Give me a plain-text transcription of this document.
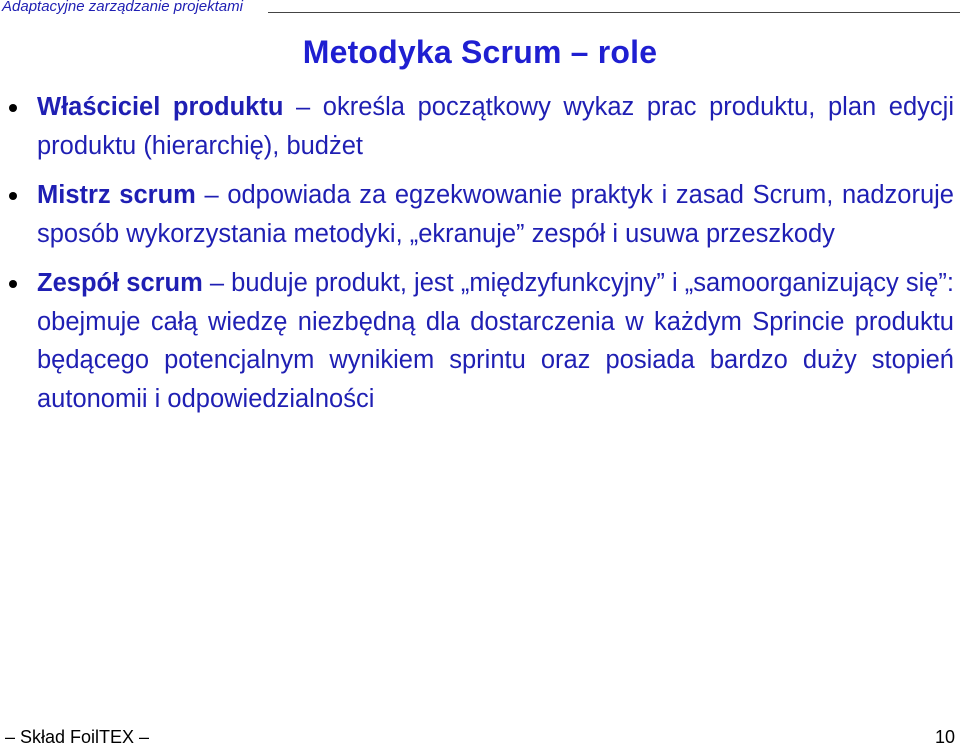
Adaptacyjne zarządzanie projektami
Metodyka Scrum – role
Właściciel produktu – określa początkowy wykaz prac produktu, plan edycji produktu (hierarchię), budżet
Mistrz scrum – odpowiada za egzekwowanie praktyk i zasad Scrum, nadzoruje sposób wykorzystania metodyki, „ekranuje” zespół i usuwa przeszkody
Zespół scrum – buduje produkt, jest „międzyfunkcyjny” i „samoorganizujący się”: obejmuje całą wiedzę niezbędną dla dostarczenia w każdym Sprincie produktu będącego potencjalnym wynikiem sprintu oraz posiada bardzo duży stopień autonomii i odpowiedzialności
– Skład FoilTEX –	10
